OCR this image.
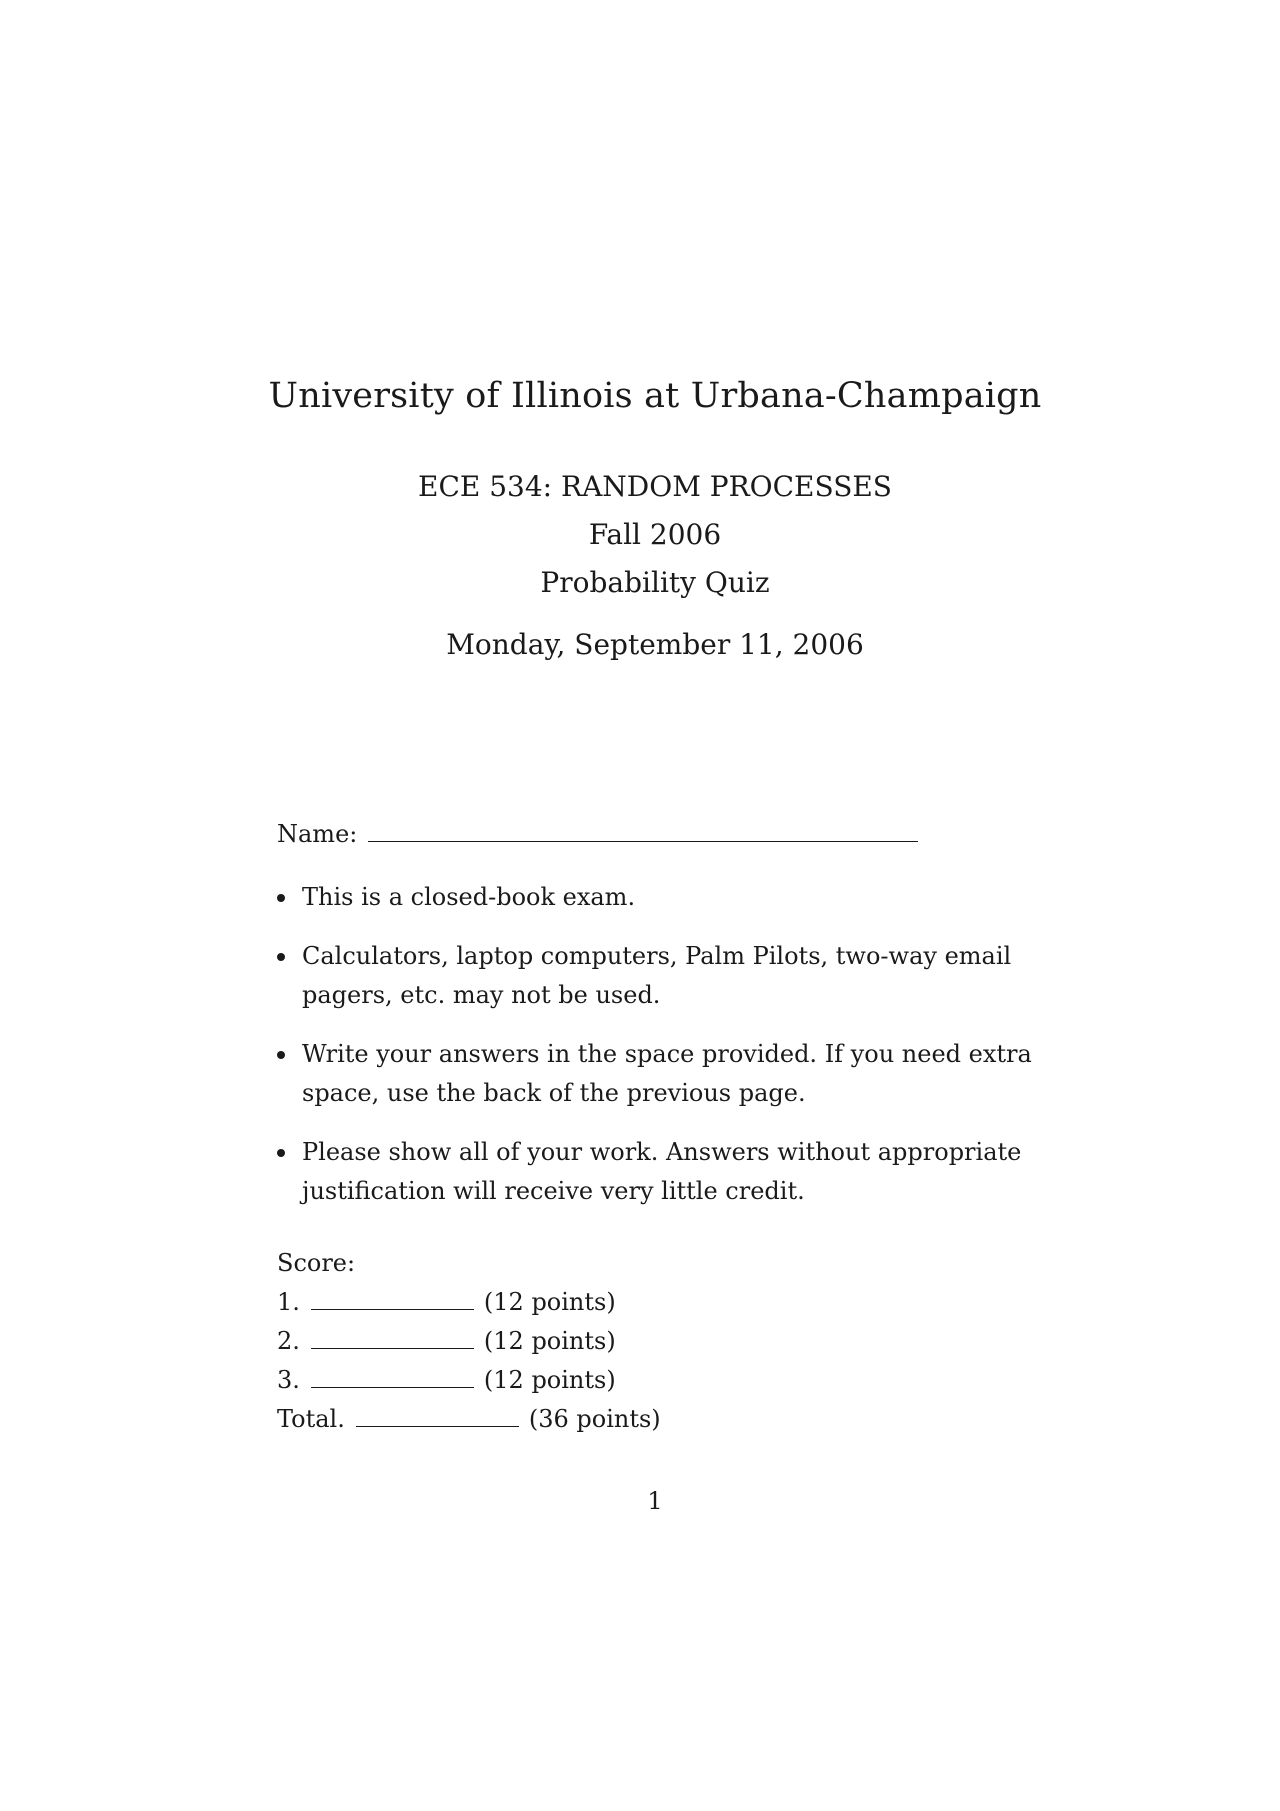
University of Illinois at Urbana-Champaign
ECE 534: RANDOM PROCESSES
Fall 2006
Probability Quiz
Monday, September 11, 2006
Name:
This is a closed-book exam.
Calculators, laptop computers, Palm Pilots, two-way email pagers, etc. may not be used.
Write your answers in the space provided. If you need extra space, use the back of the previous page.
Please show all of your work. Answers without appropriate justification will receive very little credit.
Score:
1.	(12 points)
2.	(12 points)
3.	(12 points)
Total.	(36 points)
1
